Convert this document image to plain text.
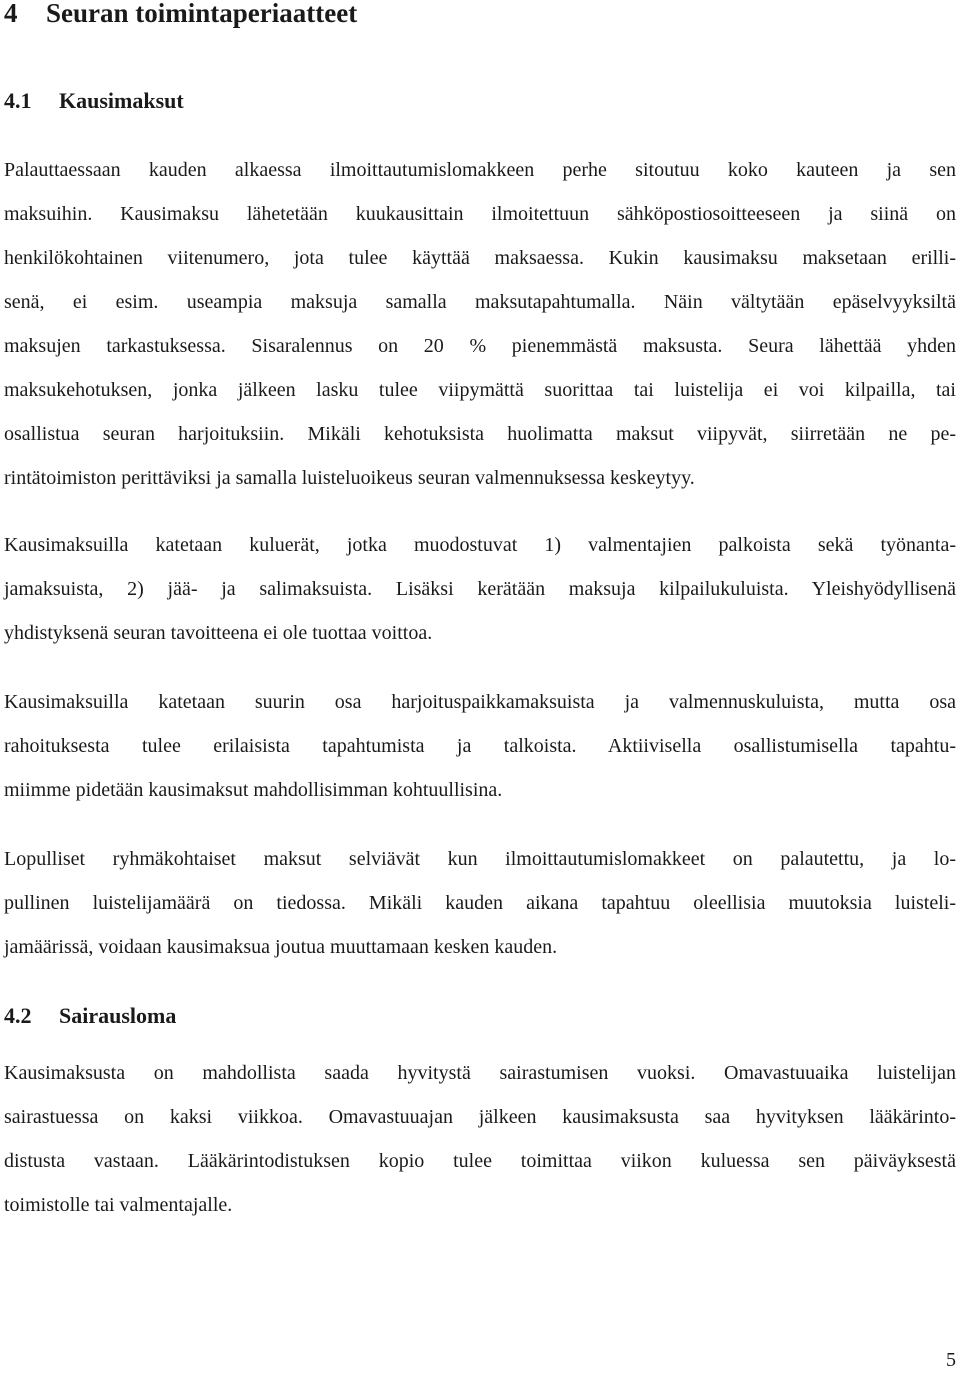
4 Seuran toimintaperiaatteet
4.1 Kausimaksut
Palauttaessaan kauden alkaessa ilmoittautumislomakkeen perhe sitoutuu koko kauteen ja sen
maksuihin. Kausimaksu lähetetään kuukausittain ilmoitettuun sähköpostiosoitteeseen ja siinä on
henkilökohtainen viitenumero, jota tulee käyttää maksaessa. Kukin kausimaksu maksetaan erilli-
senä, ei esim. useampia maksuja samalla maksutapahtumalla. Näin vältytään epäselvyyksiltä
maksujen tarkastuksessa. Sisaralennus on 20 % pienemmästä maksusta. Seura lähettää yhden
maksukehotuksen, jonka jälkeen lasku tulee viipymättä suorittaa tai luistelija ei voi kilpailla, tai
osallistua seuran harjoituksiin. Mikäli kehotuksista huolimatta maksut viipyvät, siirretään ne pe-
rintätoimiston perittäviksi ja samalla luisteluoikeus seuran valmennuksessa keskeytyy.
Kausimaksuilla katetaan kuluerät, jotka muodostuvat 1) valmentajien palkoista sekä työnanta-
jamaksuista, 2) jää- ja salimaksuista. Lisäksi kerätään maksuja kilpailukuluista. Yleishyödyllisenä
yhdistyksenä seuran tavoitteena ei ole tuottaa voittoa.
Kausimaksuilla katetaan suurin osa harjoituspaikkamaksuista ja valmennuskuluista, mutta osa
rahoituksesta tulee erilaisista tapahtumista ja talkoista. Aktiivisella osallistumisella tapahtu-
miimme pidetään kausimaksut mahdollisimman kohtuullisina.
Lopulliset ryhmäkohtaiset maksut selviävät kun ilmoittautumislomakkeet on palautettu, ja lo-
pullinen luistelijamäärä on tiedossa. Mikäli kauden aikana tapahtuu oleellisia muutoksia luisteli-
jamäärissä, voidaan kausimaksua joutua muuttamaan kesken kauden.
4.2 Sairausloma
Kausimaksusta on mahdollista saada hyvitystä sairastumisen vuoksi. Omavastuuaika luistelijan
sairastuessa on kaksi viikkoa. Omavastuuajan jälkeen kausimaksusta saa hyvityksen lääkärinto-
distusta vastaan. Lääkärintodistuksen kopio tulee toimittaa viikon kuluessa sen päiväyksestä
toimistolle tai valmentajalle.
5
